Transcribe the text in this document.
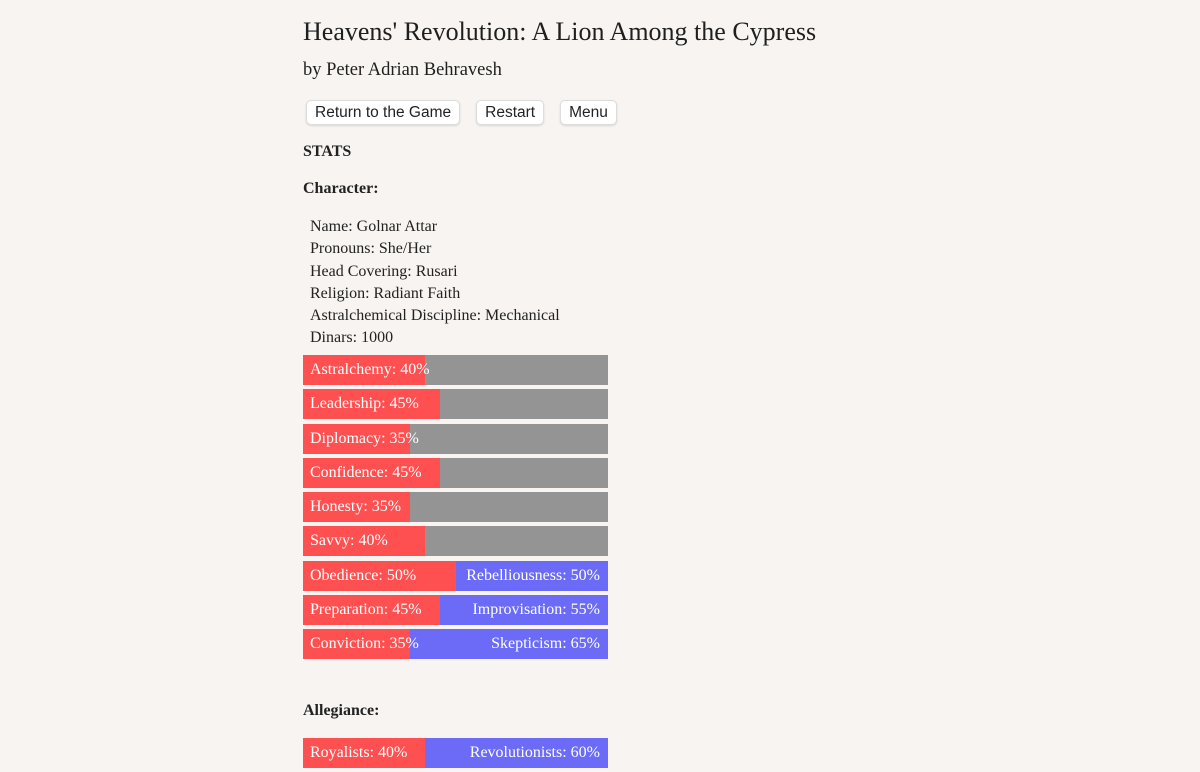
Heavens' Revolution: A Lion Among the Cypress
by Peter Adrian Behravesh
Return to the Game	Restart	Menu
STATS
Character:
Name: Golnar Attar
Pronouns: She/Her
Head Covering: Rusari
Religion: Radiant Faith
Astralchemical Discipline: Mechanical
Dinars: 1000
Astralchemy: 40%
Leadership: 45%
Diplomacy: 35%
Confidence: 45%
Honesty: 35%
Savvy: 40%
Obedience: 50%	Rebelliousness: 50%
Preparation: 45%	Improvisation: 55%
Conviction: 35%	Skepticism: 65%
Allegiance:
Royalists: 40%	Revolutionists: 60%
